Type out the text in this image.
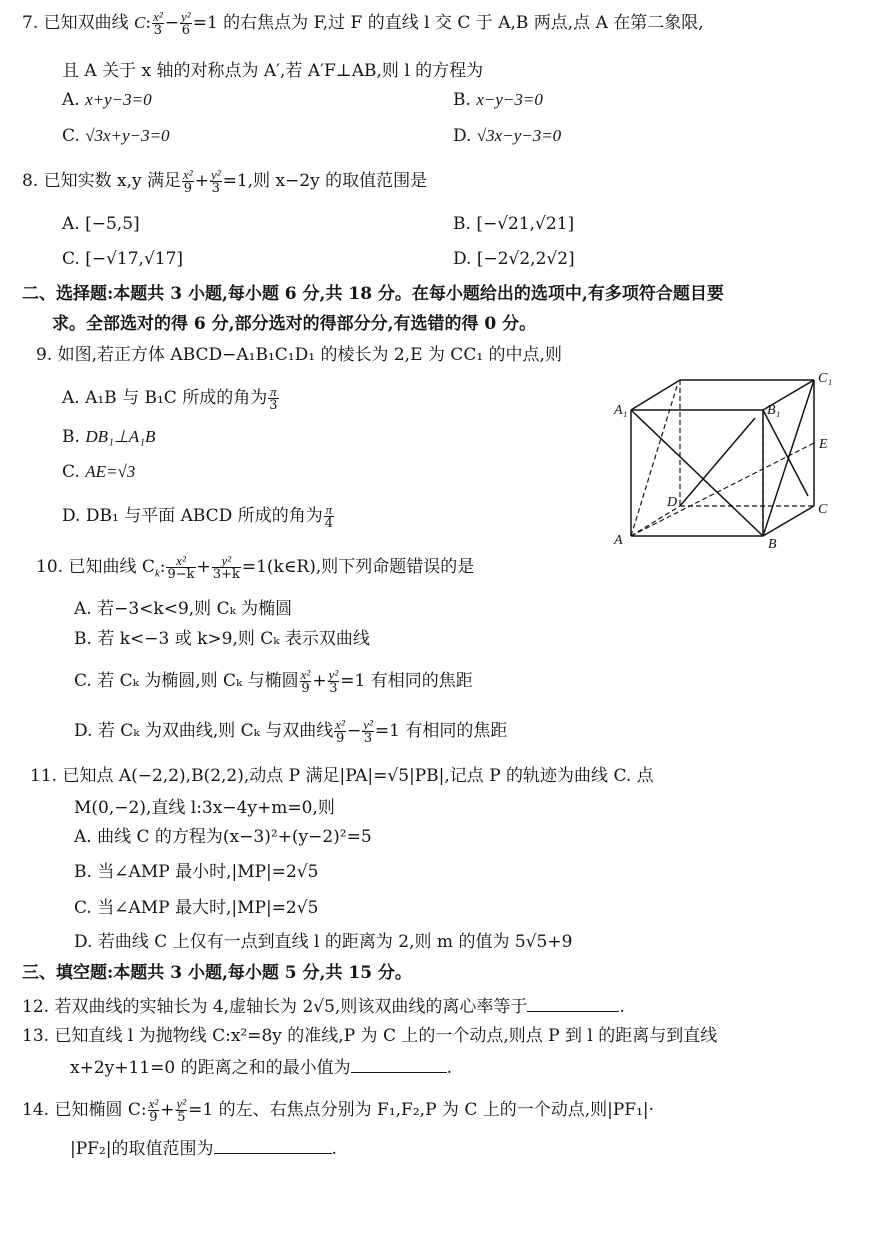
7. 已知双曲线 C: $\frac{\text{x²}}{3} - \frac{\text{y²}}{6} =1$ 的右焦点为 F,过 F 的直线 l 交 C 于 A,B 两点,点 A 在第二象限,
且 A 关于 x 轴的对称点为 A′,若 A′F⊥AB,则 l 的方程为
A. x+y−3=0	B. x−y−3=0
C. √3x+y−3=0	D. √3x−y−3=0
8. 已知实数 x,y 满足 $\frac{\text{x²}}{9} + \frac{\text{y²}}{3} =1$,则 x−2y 的取值范围是
A. [−5,5]	B. [−√21,√21]
C. [−√17,√17]	D. [−2√2,2√2]
二、选择题:本题共 3 小题,每小题 6 分,共 18 分。在每小题给出的选项中,有多项符合题目要
求。全部选对的得 6 分,部分选对的得部分分,有选错的得 0 分。
9. 如图,若正方体 ABCD−A₁B₁C₁D₁ 的棱长为 2,E 为 CC₁ 的中点,则
A. A₁B 与 B₁C 所成的角为 $\frac{\pi}{3}$
B. DB₁⊥A₁B
C. AE=√3
D. DB₁ 与平面 ABCD 所成的角为 $\frac{\pi}{4}$
A	B
C
D
A₁	B₁
C₁
E
10. 已知曲线 $C_k$: $\frac{\text{x²}}{9-k} + \frac{\text{y²}}{3+k}$ =1(k∈R),则下列命题错误的是
A. 若−3<k<9,则 Cₖ 为椭圆
B. 若 k<−3 或 k>9,则 Cₖ 表示双曲线
C. 若 Cₖ 为椭圆,则 Cₖ 与椭圆 $\frac{\text{x²}}{9} + \frac{\text{y²}}{3} =1$ 有相同的焦距
D. 若 Cₖ 为双曲线,则 Cₖ 与双曲线 $\frac{\text{x²}}{9} - \frac{\text{y²}}{3} =1$ 有相同的焦距
11. 已知点 A(−2,2),B(2,2),动点 P 满足|PA|=√5|PB|,记点 P 的轨迹为曲线 C. 点
M(0,−2),直线 l:3x−4y+m=0,则
A. 曲线 C 的方程为(x−3)²+(y−2)²=5
B. 当∠AMP 最小时,|MP|=2√5
C. 当∠AMP 最大时,|MP|=2√5
D. 若曲线 C 上仅有一点到直线 l 的距离为 2,则 m 的值为 5√5+9
三、填空题:本题共 3 小题,每小题 5 分,共 15 分。
12. 若双曲线的实轴长为 4,虚轴长为 2√5,则该双曲线的离心率等于	.
13. 已知直线 l 为抛物线 C:x²=8y 的准线,P 为 C 上的一个动点,则点 P 到 l 的距离与到直线
x+2y+11=0 的距离之和的最小值为	.
14. 已知椭圆 C: $\frac{\text{x²}}{9} + \frac{\text{y²}}{5} =1$ 的左、右焦点分别为 F₁,F₂,P 为 C 上的一个动点,则|PF₁|·
|PF₂|的取值范围为	.
